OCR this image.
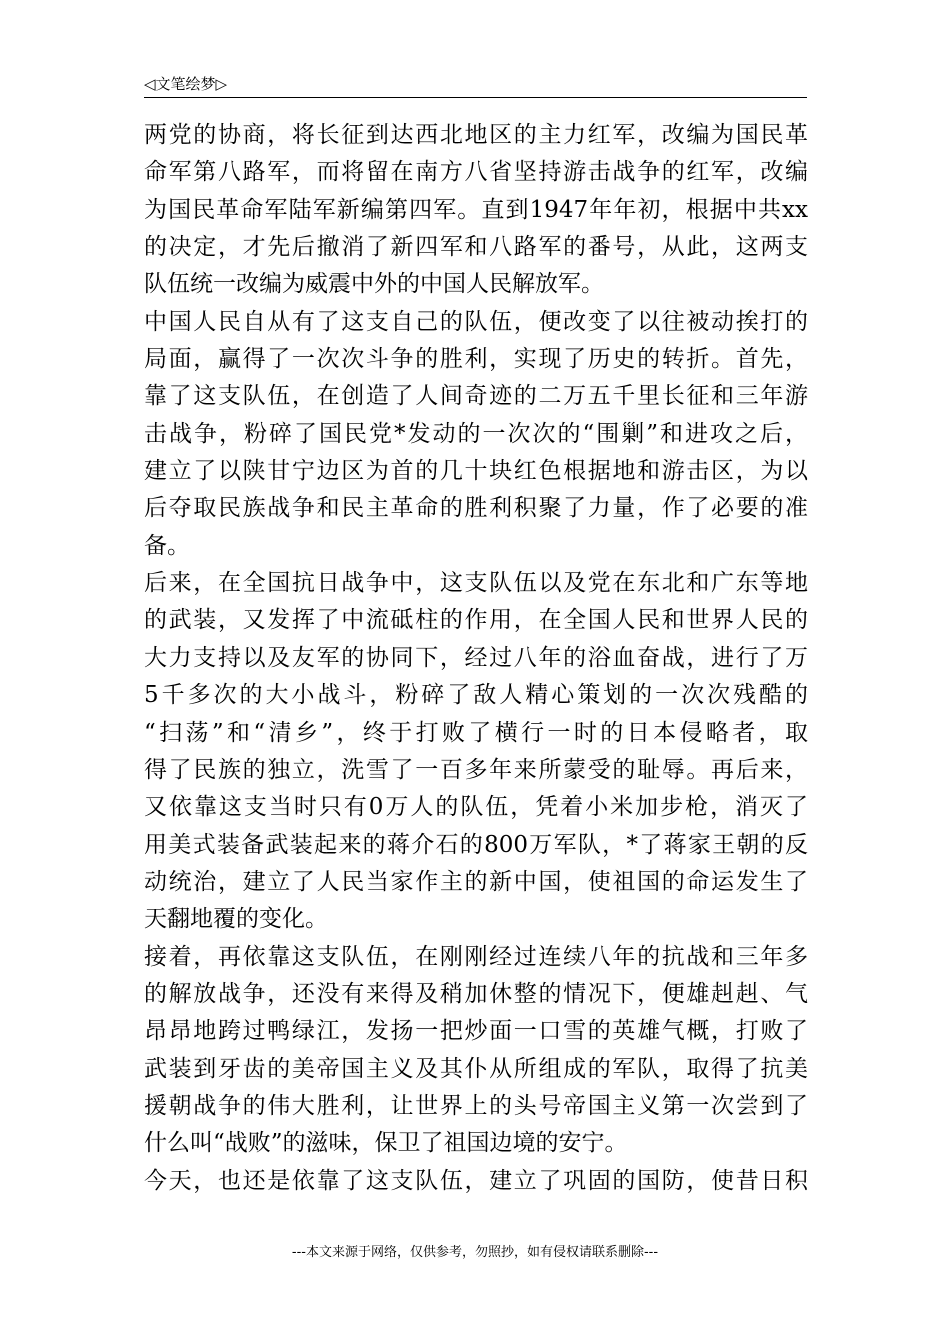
◁文笔绘梦▷
两党的协商，将长征到达西北地区的主力红军，改编为国民革
命军第八路军，而将留在南方八省坚持游击战争的红军，改编
为国民革命军陆军新编第四军。直到1947年年初，根据中共xx
的决定，才先后撤消了新四军和八路军的番号，从此，这两支
队伍统一改编为威震中外的中国人民解放军。
中国人民自从有了这支自己的队伍，便改变了以往被动挨打的
局面，赢得了一次次斗争的胜利，实现了历史的转折。首先，
靠了这支队伍，在创造了人间奇迹的二万五千里长征和三年游
击战争，粉碎了国民党*发动的一次次的“围剿”和进攻之后，
建立了以陕甘宁边区为首的几十块红色根据地和游击区，为以
后夺取民族战争和民主革命的胜利积聚了力量，作了必要的准
备。
后来，在全国抗日战争中，这支队伍以及党在东北和广东等地
的武装，又发挥了中流砥柱的作用，在全国人民和世界人民的
大力支持以及友军的协同下，经过八年的浴血奋战，进行了万
5千多次的大小战斗，粉碎了敌人精心策划的一次次残酷的
“扫荡”和“清乡”，终于打败了横行一时的日本侵略者，取
得了民族的独立，洗雪了一百多年来所蒙受的耻辱。再后来，
又依靠这支当时只有0万人的队伍，凭着小米加步枪，消灭了
用美式装备武装起来的蒋介石的800万军队，*了蒋家王朝的反
动统治，建立了人民当家作主的新中国，使祖国的命运发生了
天翻地覆的变化。
接着，再依靠这支队伍，在刚刚经过连续八年的抗战和三年多
的解放战争，还没有来得及稍加休整的情况下，便雄赳赳、气
昂昂地跨过鸭绿江，发扬一把炒面一口雪的英雄气概，打败了
武装到牙齿的美帝国主义及其仆从所组成的军队，取得了抗美
援朝战争的伟大胜利，让世界上的头号帝国主义第一次尝到了
什么叫“战败”的滋味，保卫了祖国边境的安宁。
今天，也还是依靠了这支队伍，建立了巩固的国防，使昔日积
---本文来源于网络，仅供参考，勿照抄，如有侵权请联系删除---
